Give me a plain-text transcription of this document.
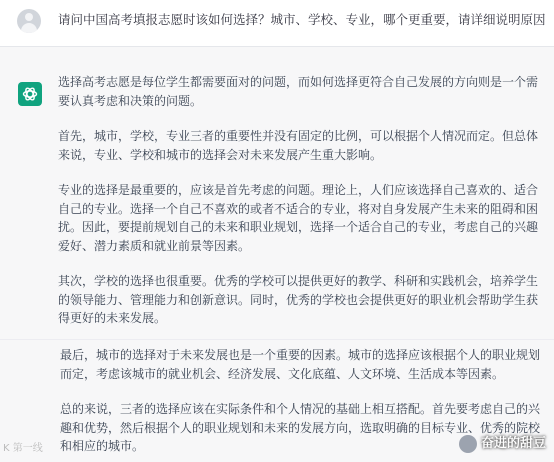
请问中国高考填报志愿时该如何选择？城市、学校、专业，哪个更重要，请详细说明原因

选择高考志愿是每位学生都需要面对的问题，而如何选择更符合自己发展的方向则是一个需要认真考虑和决策的问题。

首先，城市，学校，专业三者的重要性并没有固定的比例，可以根据个人情况而定。但总体来说，专业、学校和城市的选择会对未来发展产生重大影响。

专业的选择是最重要的，应该是首先考虑的问题。理论上，人们应该选择自己喜欢的、适合自己的专业。选择一个自己不喜欢的或者不适合的专业，将对自身发展产生未来的阻碍和困扰。因此，要提前规划自己的未来和职业规划，选择一个适合自己的专业，考虑自己的兴趣爱好、潜力素质和就业前景等因素。

其次，学校的选择也很重要。优秀的学校可以提供更好的教学、科研和实践机会，培养学生的领导能力、管理能力和创新意识。同时，优秀的学校也会提供更好的职业机会帮助学生获得更好的未来发展。

最后，城市的选择对于未来发展也是一个重要的因素。城市的选择应该根据个人的职业规划而定，考虑该城市的就业机会、经济发展、文化底蕴、人文环境、生活成本等因素。

总的来说，三者的选择应该在实际条件和个人情况的基础上相互搭配。首先要考虑自己的兴趣和优势，然后根据个人的职业规划和未来的发展方向，选取明确的目标专业、优秀的院校和相应的城市。

K 第一线	奋进的甜豆
